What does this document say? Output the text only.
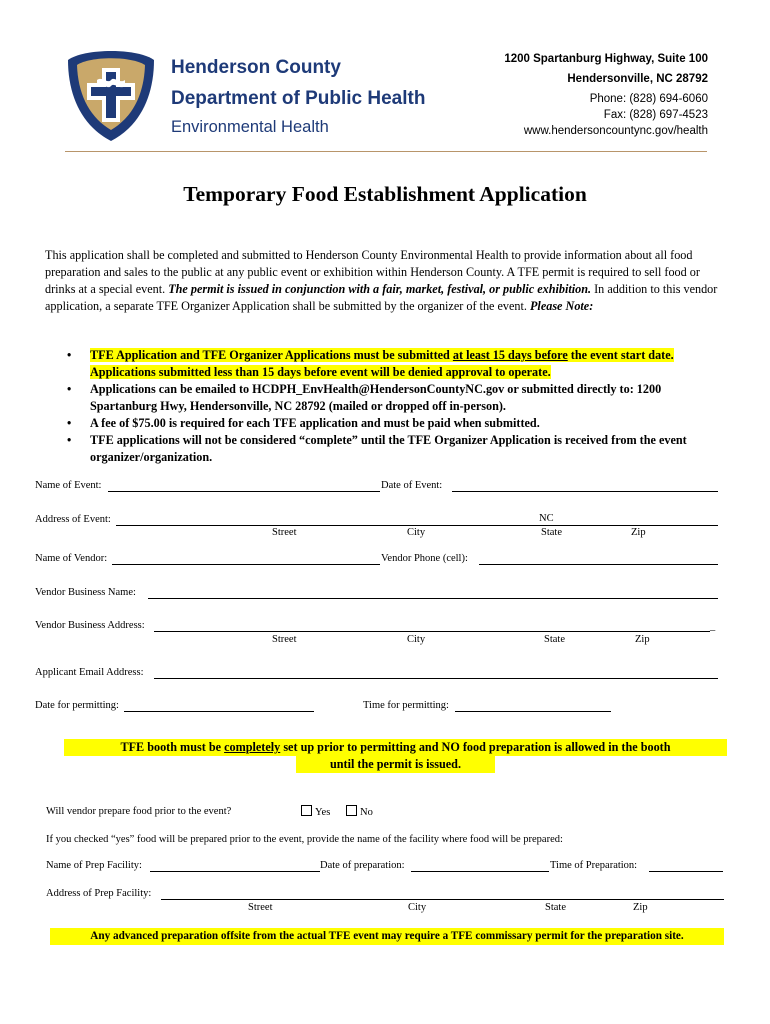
Henderson County
Department of Public Health
Environmental Health
1200 Spartanburg Highway, Suite 100
Hendersonville, NC 28792
Phone: (828) 694-6060
Fax: (828) 697-4523
www.hendersoncountync.gov/health
Temporary Food Establishment Application
This application shall be completed and submitted to Henderson County Environmental Health to provide information about all food preparation and sales to the public at any public event or exhibition within Henderson County. A TFE permit is required to sell food or drinks at a special event. The permit is issued in conjunction with a fair, market, festival, or public exhibition. In addition to this vendor application, a separate TFE Organizer Application shall be submitted by the organizer of the event. Please Note:
• TFE Application and TFE Organizer Applications must be submitted at least 15 days before the event start date. Applications submitted less than 15 days before event will be denied approval to operate.
• Applications can be emailed to HCDPH_EnvHealth@HendersonCountyNC.gov or submitted directly to: 1200 Spartanburg Hwy, Hendersonville, NC 28792 (mailed or dropped off in-person).
• A fee of $75.00 is required for each TFE application and must be paid when submitted.
• TFE applications will not be considered “complete” until the TFE Organizer Application is received from the event organizer/organization.
Name of Event:	Date of Event:
Address of Event:	NC
Street	City	State	Zip
Name of Vendor:	Vendor Phone (cell):
Vendor Business Name:
Vendor Business Address:	_
Street	City	State	Zip
Applicant Email Address:
Date for permitting:	Time for permitting:
TFE booth must be completely set up prior to permitting and NO food preparation is allowed in the booth
until the permit is issued.
Will vendor prepare food prior to the event?	Yes	No
If you checked “yes” food will be prepared prior to the event, provide the name of the facility where food will be prepared:
Name of Prep Facility:	Date of preparation:	Time of Preparation:
Address of Prep Facility:
Street	City	State	Zip
Any advanced preparation offsite from the actual TFE event may require a TFE commissary permit for the preparation site.
